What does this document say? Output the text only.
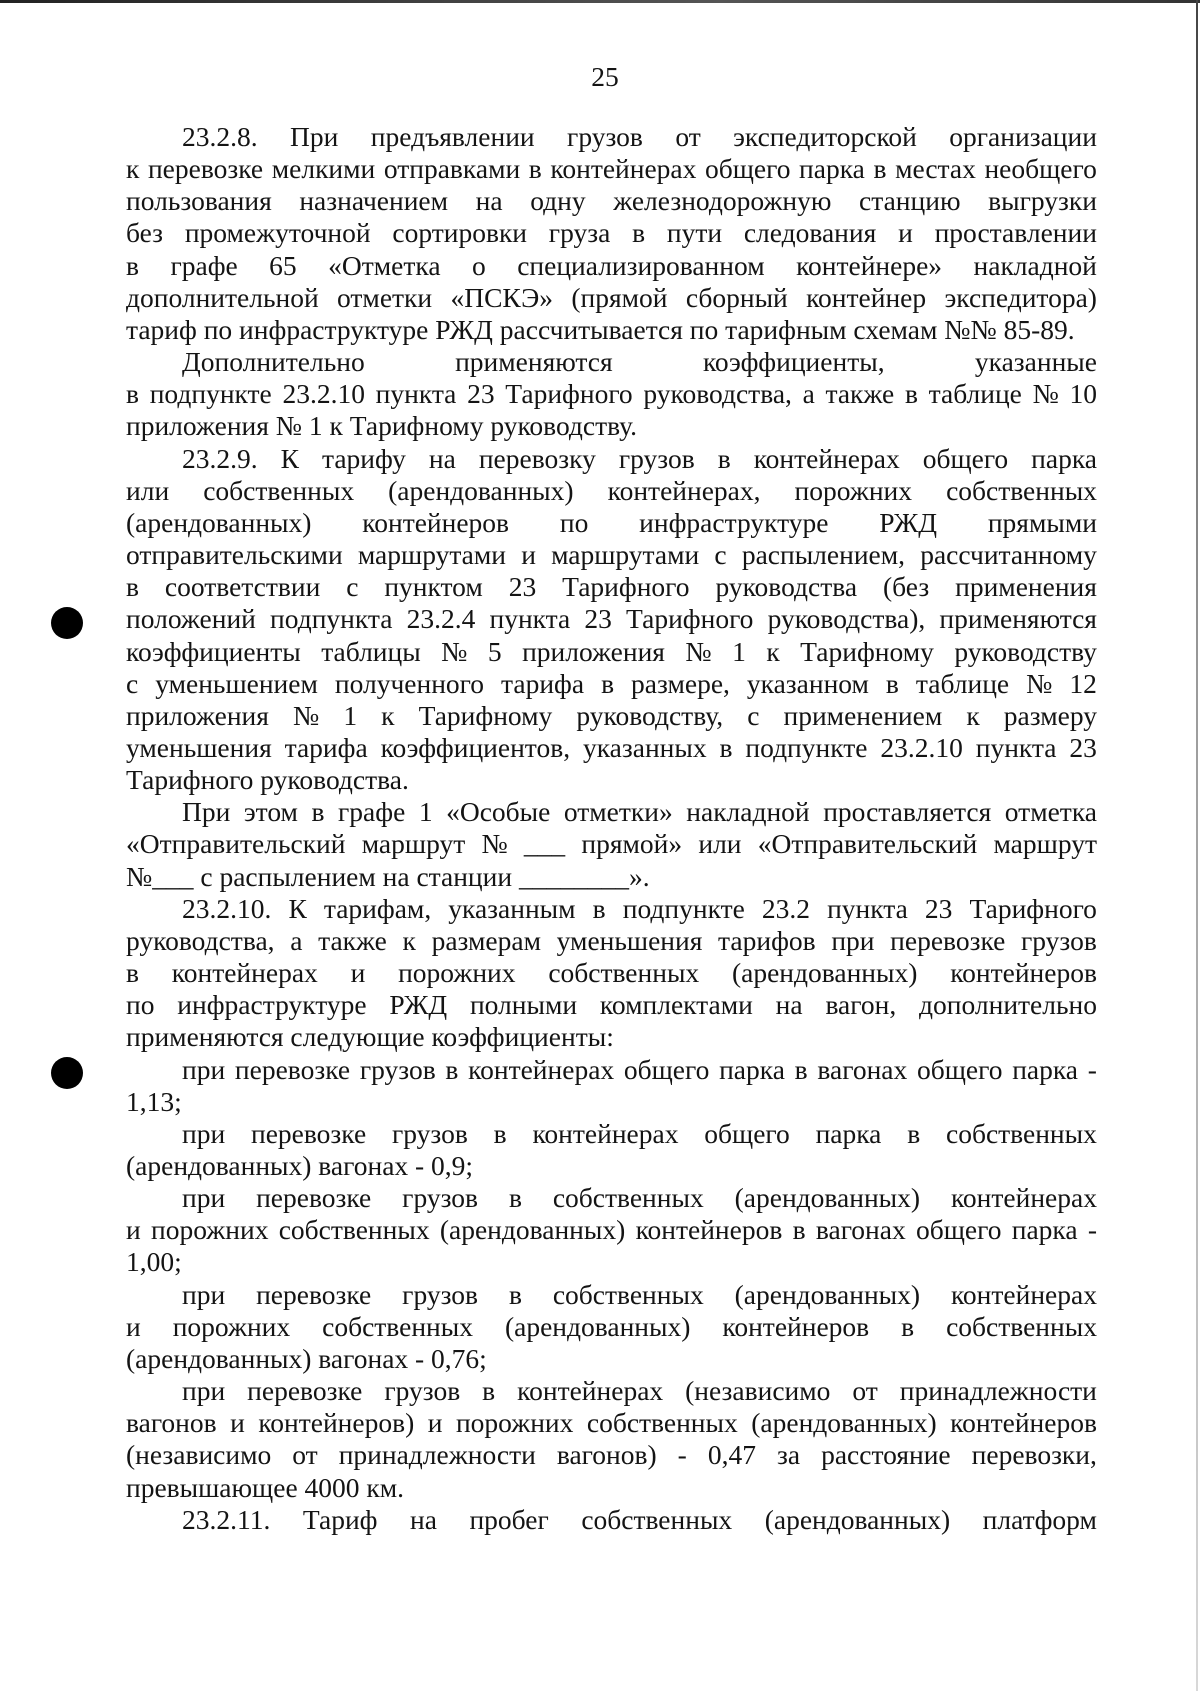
25
23.2.8. При предъявлении грузов от экспедиторской организации
к перевозке мелкими отправками в контейнерах общего парка в местах необщего
пользования назначением на одну железнодорожную станцию выгрузки
без промежуточной сортировки груза в пути следования и проставлении
в графе 65 «Отметка о специализированном контейнере» накладной
дополнительной отметки «ПСКЭ» (прямой сборный контейнер экспедитора)
тариф по инфраструктуре РЖД рассчитывается по тарифным схемам №№ 85-89.
Дополнительно	применяются	коэффициенты,	указанные
в подпункте 23.2.10 пункта 23 Тарифного руководства, а также в таблице № 10
приложения № 1 к Тарифному руководству.
23.2.9. К тарифу на перевозку грузов в контейнерах общего парка
или собственных (арендованных) контейнерах, порожних собственных
(арендованных) контейнеров по инфраструктуре РЖД прямыми
отправительскими маршрутами и маршрутами с распылением, рассчитанному
в соответствии с пунктом 23 Тарифного руководства (без применения
положений подпункта 23.2.4 пункта 23 Тарифного руководства), применяются
коэффициенты таблицы № 5 приложения № 1 к Тарифному руководству
с уменьшением полученного тарифа в размере, указанном в таблице № 12
приложения № 1 к Тарифному руководству, с применением к размеру
уменьшения тарифа коэффициентов, указанных в подпункте 23.2.10 пункта 23
Тарифного руководства.
При этом в графе 1 «Особые отметки» накладной проставляется отметка
«Отправительский маршрут № ___ прямой» или «Отправительский маршрут
№___ с распылением на станции ________».
23.2.10. К тарифам, указанным в подпункте 23.2 пункта 23 Тарифного
руководства, а также к размерам уменьшения тарифов при перевозке грузов
в контейнерах и порожних собственных (арендованных) контейнеров
по инфраструктуре РЖД полными комплектами на вагон, дополнительно
применяются следующие коэффициенты:
при перевозке грузов в контейнерах общего парка в вагонах общего парка -
1,13;
при перевозке грузов в контейнерах общего парка в собственных
(арендованных) вагонах - 0,9;
при перевозке грузов в собственных (арендованных) контейнерах
и порожних собственных (арендованных) контейнеров в вагонах общего парка -
1,00;
при перевозке грузов в собственных (арендованных) контейнерах
и порожних собственных (арендованных) контейнеров в собственных
(арендованных) вагонах - 0,76;
при перевозке грузов в контейнерах (независимо от принадлежности
вагонов и контейнеров) и порожних собственных (арендованных) контейнеров
(независимо от принадлежности вагонов) - 0,47 за расстояние перевозки,
превышающее 4000 км.
23.2.11. Тариф на пробег собственных (арендованных) платформ
